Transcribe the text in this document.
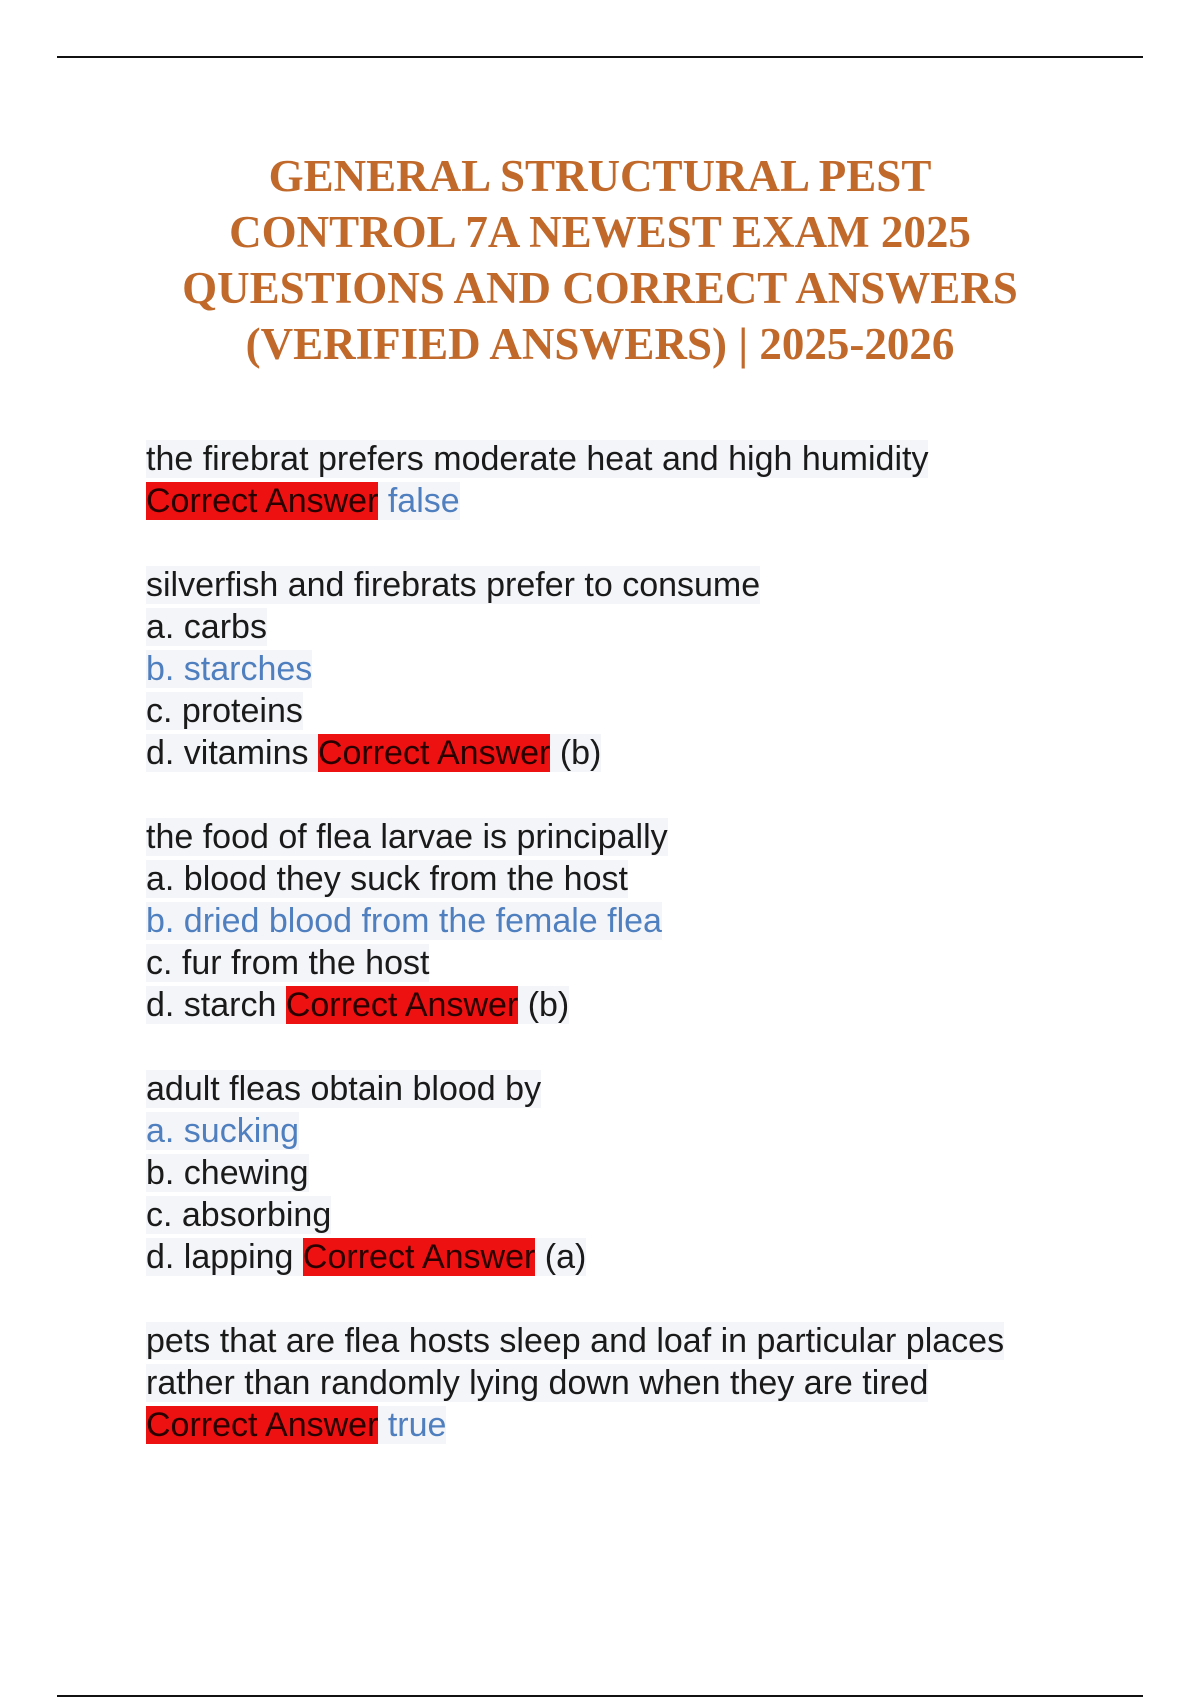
GENERAL STRUCTURAL PEST
CONTROL 7A NEWEST EXAM 2025
QUESTIONS AND CORRECT ANSWERS
(VERIFIED ANSWERS) | 2025-2026
the firebrat prefers moderate heat and high humidity
Correct Answer false
silverfish and firebrats prefer to consume
a. carbs
b. starches
c. proteins
d. vitamins Correct Answer (b)
the food of flea larvae is principally
a. blood they suck from the host
b. dried blood from the female flea
c. fur from the host
d. starch Correct Answer (b)
adult fleas obtain blood by
a. sucking
b. chewing
c. absorbing
d. lapping Correct Answer (a)
pets that are flea hosts sleep and loaf in particular places
rather than randomly lying down when they are tired
Correct Answer true
